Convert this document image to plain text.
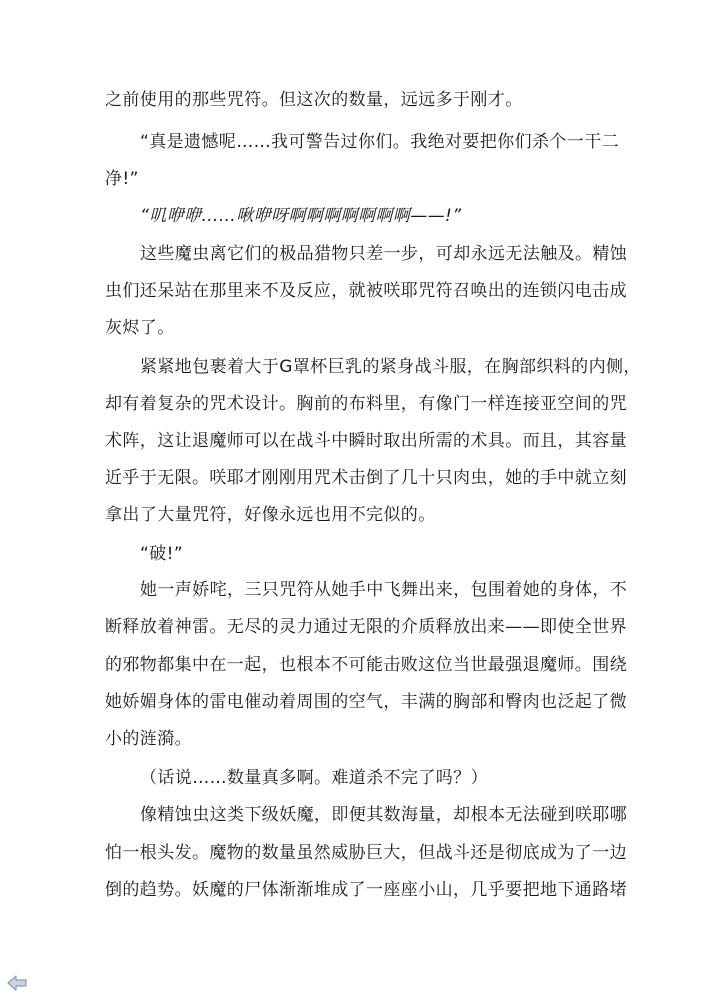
之前使用的那些咒符。但这次的数量，远远多于刚才。
“真是遗憾呢……我可警告过你们。我绝对要把你们杀个一干二
净!”
“叽咿咿……啾咿呀啊啊啊啊啊啊啊——!”
这些魔虫离它们的极品猎物只差一步，可却永远无法触及。精蚀
虫们还呆站在那里来不及反应，就被咲耶咒符召唤出的连锁闪电击成
灰烬了。
紧紧地包裹着大于G罩杯巨乳的紧身战斗服，在胸部织料的内侧，
却有着复杂的咒术设计。胸前的布料里，有像门一样连接亚空间的咒
术阵，这让退魔师可以在战斗中瞬时取出所需的术具。而且，其容量
近乎于无限。咲耶才刚刚用咒术击倒了几十只肉虫，她的手中就立刻
拿出了大量咒符，好像永远也用不完似的。
“破!”
她一声娇咤，三只咒符从她手中飞舞出来，包围着她的身体，不
断释放着神雷。无尽的灵力通过无限的介质释放出来——即使全世界
的邪物都集中在一起，也根本不可能击败这位当世最强退魔师。围绕
她娇媚身体的雷电催动着周围的空气，丰满的胸部和臀肉也泛起了微
小的涟漪。
（话说……数量真多啊。难道杀不完了吗？）
像精蚀虫这类下级妖魔，即便其数海量，却根本无法碰到咲耶哪
怕一根头发。魔物的数量虽然威胁巨大，但战斗还是彻底成为了一边
倒的趋势。妖魔的尸体渐渐堆成了一座座小山，几乎要把地下通路堵
